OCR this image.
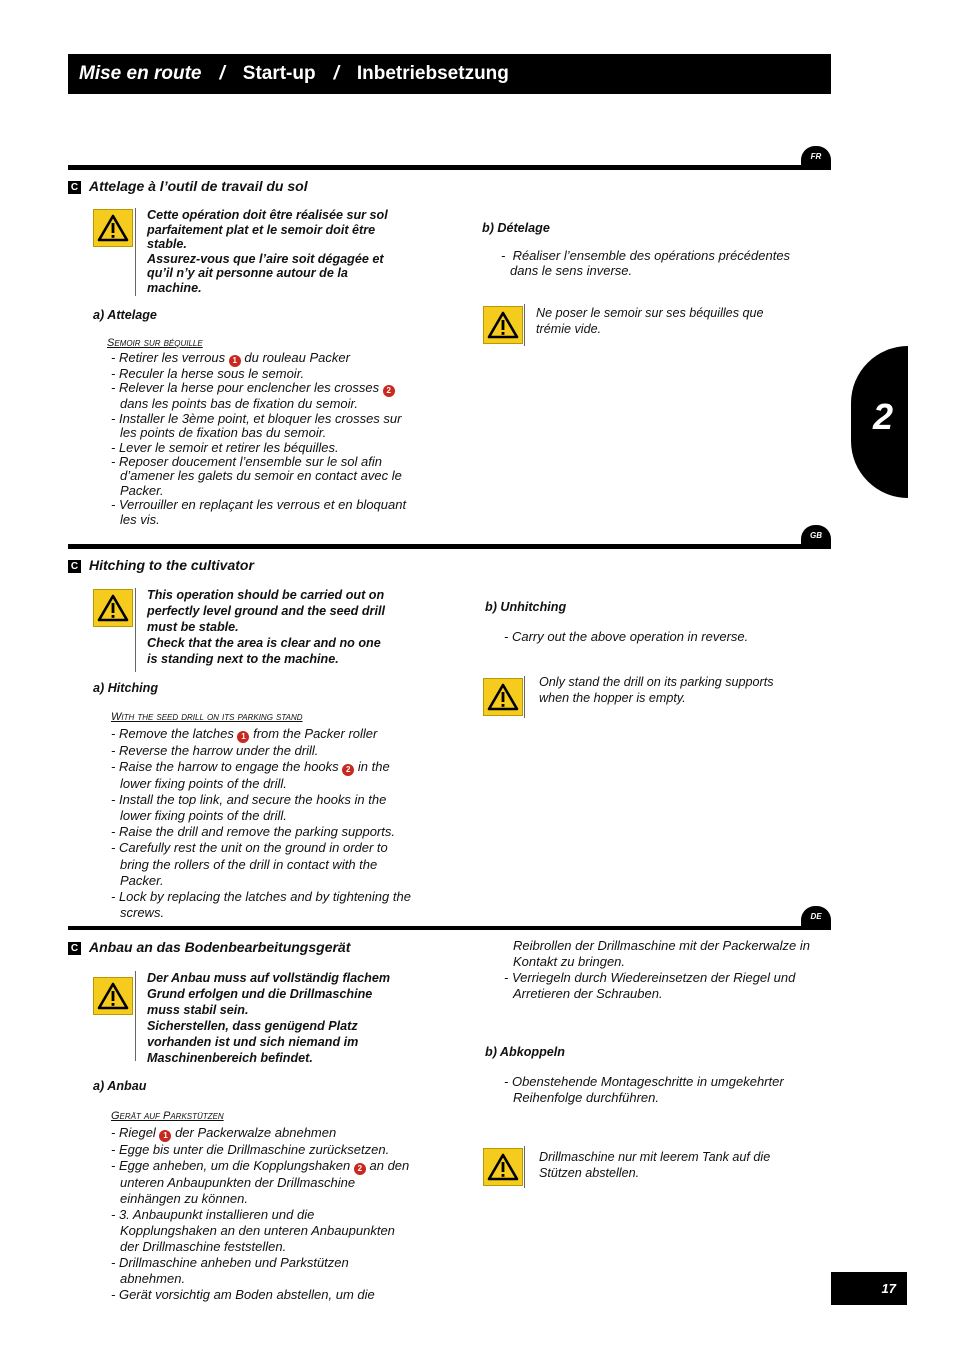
Mise en route / Start-up / Inbetriebsetzung
2
FR
C Attelage à l’outil de travail du sol
Cette opération doit être réalisée sur sol
parfaitement plat et le semoir doit être
stable.
Assurez-vous que l’aire soit dégagée et
qu’il n’y ait personne autour de la
machine.
a) Attelage
Semoir sur béquille
- Retirer les verrous 1 du rouleau Packer
- Reculer la herse sous le semoir.
- Relever la herse pour enclencher les crosses 2 dans les points bas de fixation du semoir.
- Installer le 3ème point, et bloquer les crosses sur les points de fixation bas du semoir.
- Lever le semoir et retirer les béquilles.
- Reposer doucement l’ensemble sur le sol afin d’amener les galets du semoir en contact avec le Packer.
- Verrouiller en replaçant les verrous et en bloquant les vis.
b) Dételage
-  Réaliser l’ensemble des opérations précédentes dans le sens inverse.
Ne poser le semoir sur ses béquilles que trémie vide.
GB
C Hitching to the cultivator
This operation should be carried out on
perfectly level ground and the seed drill
must be stable.
Check that the area is clear and no one
is standing next to the machine.
a) Hitching
With the seed drill on its parking stand
- Remove the latches 1 from the Packer roller
- Reverse the harrow under the drill.
- Raise the harrow to engage the hooks 2 in the lower fixing points of the drill.
- Install the top link, and secure the hooks in the lower fixing points of the drill.
- Raise the drill and remove the parking supports.
- Carefully rest the unit on the ground in order to bring the rollers of the drill in contact with the Packer.
- Lock by replacing the latches and by tightening the screws.
b) Unhitching
- Carry out the above operation in reverse.
Only stand the drill on its parking supports when the hopper is empty.
DE
C Anbau an das Bodenbearbeitungsgerät
Der Anbau muss auf vollständig flachem
Grund erfolgen und die Drillmaschine
muss stabil sein.
Sicherstellen, dass genügend Platz
vorhanden ist und sich niemand im
Maschinenbereich befindet.
a) Anbau
Gerät auf Parkstützen
- Riegel 1 der Packerwalze abnehmen
- Egge bis unter die Drillmaschine zurücksetzen.
- Egge anheben, um die Kopplungshaken 2 an den unteren Anbaupunkten der Drillmaschine einhängen zu können.
- 3. Anbaupunkt installieren und die Kopplungshaken an den unteren Anbaupunkten der Drillmaschine feststellen.
- Drillmaschine anheben und Parkstützen abnehmen.
- Gerät vorsichtig am Boden abstellen, um die
Reibrollen der Drillmaschine mit der Packerwalze in Kontakt zu bringen.
- Verriegeln durch Wiedereinsetzen der Riegel und Arretieren der Schrauben.
b) Abkoppeln
- Obenstehende Montageschritte in umgekehrter Reihenfolge durchführen.
Drillmaschine nur mit leerem Tank auf die Stützen abstellen.
17
